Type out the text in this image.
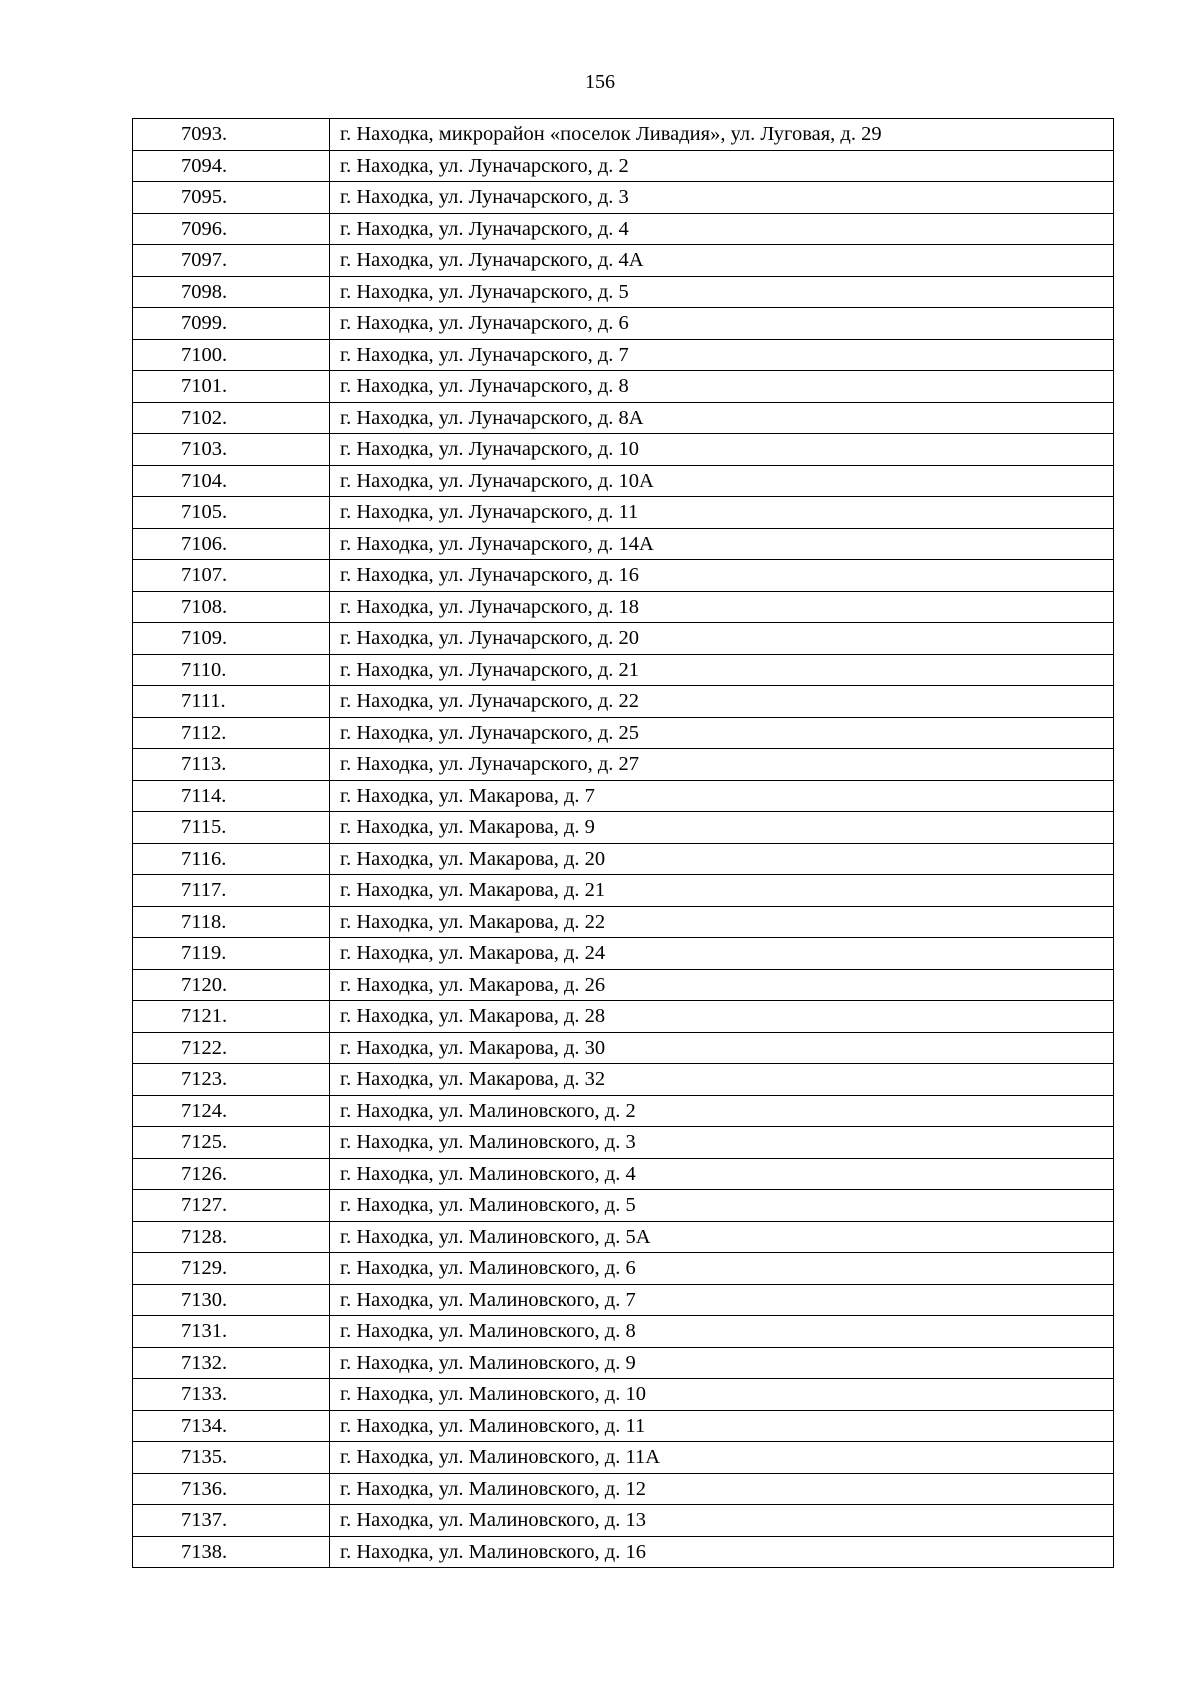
156
7093.	г. Находка, микрорайон «поселок Ливадия», ул. Луговая, д. 29
7094.	г. Находка, ул. Луначарского, д. 2
7095.	г. Находка, ул. Луначарского, д. 3
7096.	г. Находка, ул. Луначарского, д. 4
7097.	г. Находка, ул. Луначарского, д. 4А
7098.	г. Находка, ул. Луначарского, д. 5
7099.	г. Находка, ул. Луначарского, д. 6
7100.	г. Находка, ул. Луначарского, д. 7
7101.	г. Находка, ул. Луначарского, д. 8
7102.	г. Находка, ул. Луначарского, д. 8А
7103.	г. Находка, ул. Луначарского, д. 10
7104.	г. Находка, ул. Луначарского, д. 10А
7105.	г. Находка, ул. Луначарского, д. 11
7106.	г. Находка, ул. Луначарского, д. 14А
7107.	г. Находка, ул. Луначарского, д. 16
7108.	г. Находка, ул. Луначарского, д. 18
7109.	г. Находка, ул. Луначарского, д. 20
7110.	г. Находка, ул. Луначарского, д. 21
7111.	г. Находка, ул. Луначарского, д. 22
7112.	г. Находка, ул. Луначарского, д. 25
7113.	г. Находка, ул. Луначарского, д. 27
7114.	г. Находка, ул. Макарова, д. 7
7115.	г. Находка, ул. Макарова, д. 9
7116.	г. Находка, ул. Макарова, д. 20
7117.	г. Находка, ул. Макарова, д. 21
7118.	г. Находка, ул. Макарова, д. 22
7119.	г. Находка, ул. Макарова, д. 24
7120.	г. Находка, ул. Макарова, д. 26
7121.	г. Находка, ул. Макарова, д. 28
7122.	г. Находка, ул. Макарова, д. 30
7123.	г. Находка, ул. Макарова, д. 32
7124.	г. Находка, ул. Малиновского, д. 2
7125.	г. Находка, ул. Малиновского, д. 3
7126.	г. Находка, ул. Малиновского, д. 4
7127.	г. Находка, ул. Малиновского, д. 5
7128.	г. Находка, ул. Малиновского, д. 5А
7129.	г. Находка, ул. Малиновского, д. 6
7130.	г. Находка, ул. Малиновского, д. 7
7131.	г. Находка, ул. Малиновского, д. 8
7132.	г. Находка, ул. Малиновского, д. 9
7133.	г. Находка, ул. Малиновского, д. 10
7134.	г. Находка, ул. Малиновского, д. 11
7135.	г. Находка, ул. Малиновского, д. 11А
7136.	г. Находка, ул. Малиновского, д. 12
7137.	г. Находка, ул. Малиновского, д. 13
7138.	г. Находка, ул. Малиновского, д. 16
